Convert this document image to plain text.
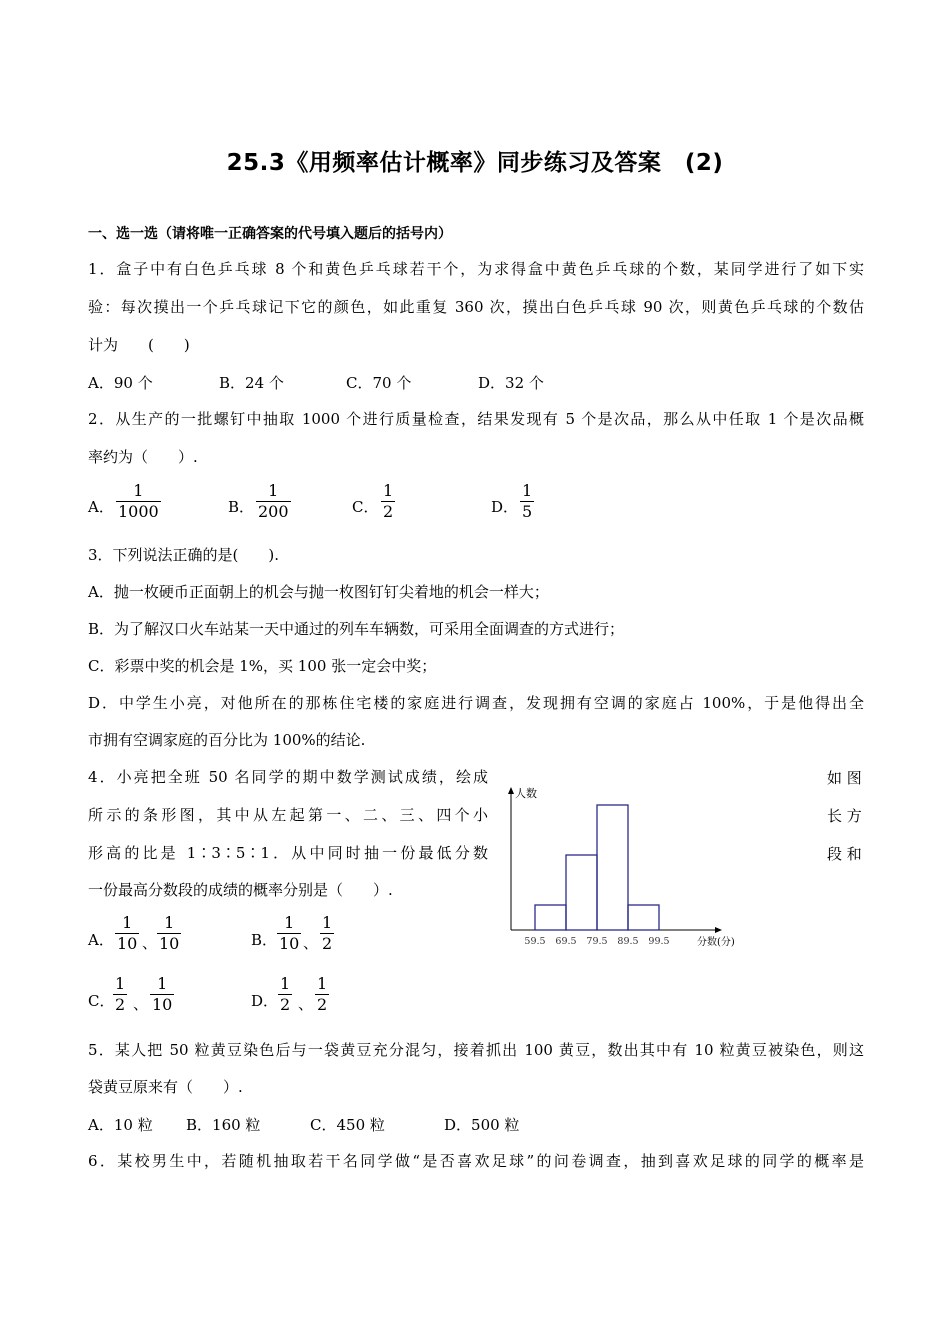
25.3《用频率估计概率》同步练习及答案　(2)
一、选一选（请将唯一正确答案的代号填入题后的括号内）
1．盒子中有白色乒乓球 8 个和黄色乒乓球若干个，为求得盒中黄色乒乓球的个数，某同学进行了如下实
验：每次摸出一个乒乓球记下它的颜色，如此重复 360 次，摸出白色乒乓球 90 次，则黄色乒乓球的个数估
计为　　(　　)
A．90 个	B．24 个	C．70 个	D．32 个
2．从生产的一批螺钉中抽取 1000 个进行质量检查，结果发现有 5 个是次品，那么从中任取 1 个是次品概
率约为（　　）.
A． $\frac{1}{1000}$	B． $\frac{1}{200}$	C． $\frac{1}{2}$	D． $\frac{1}{5}$
3．下列说法正确的是(　　).
A．抛一枚硬币正面朝上的机会与抛一枚图钉钉尖着地的机会一样大；
B．为了解汉口火车站某一天中通过的列车车辆数，可采用全面调查的方式进行；
C．彩票中奖的机会是 1%，买 100 张一定会中奖；
D．中学生小亮，对他所在的那栋住宅楼的家庭进行调查，发现拥有空调的家庭占 100%，于是他得出全
市拥有空调家庭的百分比为 100%的结论.
4．小亮把全班 50 名同学的期中数学测试成绩，绘成	如 图
所示的条形图，其中从左起第一、二、三、四个小	长 方
形高的比是 1∶3∶5∶1．从中同时抽一份最低分数	段 和
一份最高分数段的成绩的概率分别是（　　）.
A． $\frac{1}{10}$ 、 $\frac{1}{10}$	B． $\frac{1}{10}$ 、 $\frac{1}{2}$
C．
$\frac{1}{2}$ 、 $\frac{1}{10}$	D． $\frac{1}{2}$ 、 $\frac{1}{2}$
59.5 69.5 79.5 89.5 99.5
人数
分数(分)
5．某人把 50 粒黄豆染色后与一袋黄豆充分混匀，接着抓出 100 黄豆，数出其中有 10 粒黄豆被染色，则这
袋黄豆原来有（　　）.
A．10 粒 B．160 粒	C．450 粒	D．500 粒
6．某校男生中，若随机抽取若干名同学做“是否喜欢足球”的问卷调查，抽到喜欢足球的同学的概率是
